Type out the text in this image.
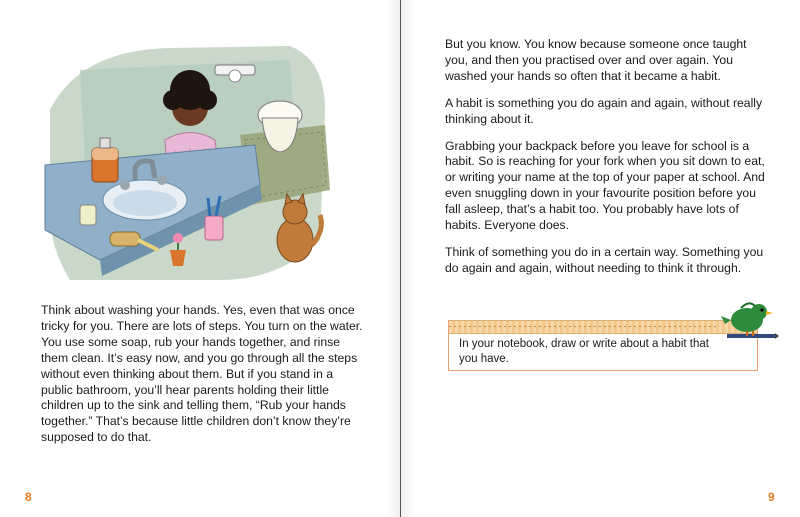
Think about washing your hands. Yes, even that was once tricky for you. There are lots of steps. You turn on the water. You use some soap, rub your hands together, and rinse them clean. It’s easy now, and you go through all the steps without even thinking about them. But if you stand in a public bathroom, you’ll hear parents holding their little children up to the sink and telling them, “Rub your hands together.” That’s because little children don’t know they’re supposed to do that.

8

But you know. You know because someone once taught you, and then you practised over and over again. You washed your hands so often that it became a habit.

A habit is something you do again and again, without really thinking about it.

Grabbing your backpack before you leave for school is a habit. So is reaching for your fork when you sit down to eat, or writing your name at the top of your paper at school. And even snuggling down in your favourite position before you fall asleep, that’s a habit too. You probably have lots of habits. Everyone does.

Think of something you do in a certain way. Something you do again and again, without needing to think it through.

In your notebook, draw or write about a habit that you have.
9
